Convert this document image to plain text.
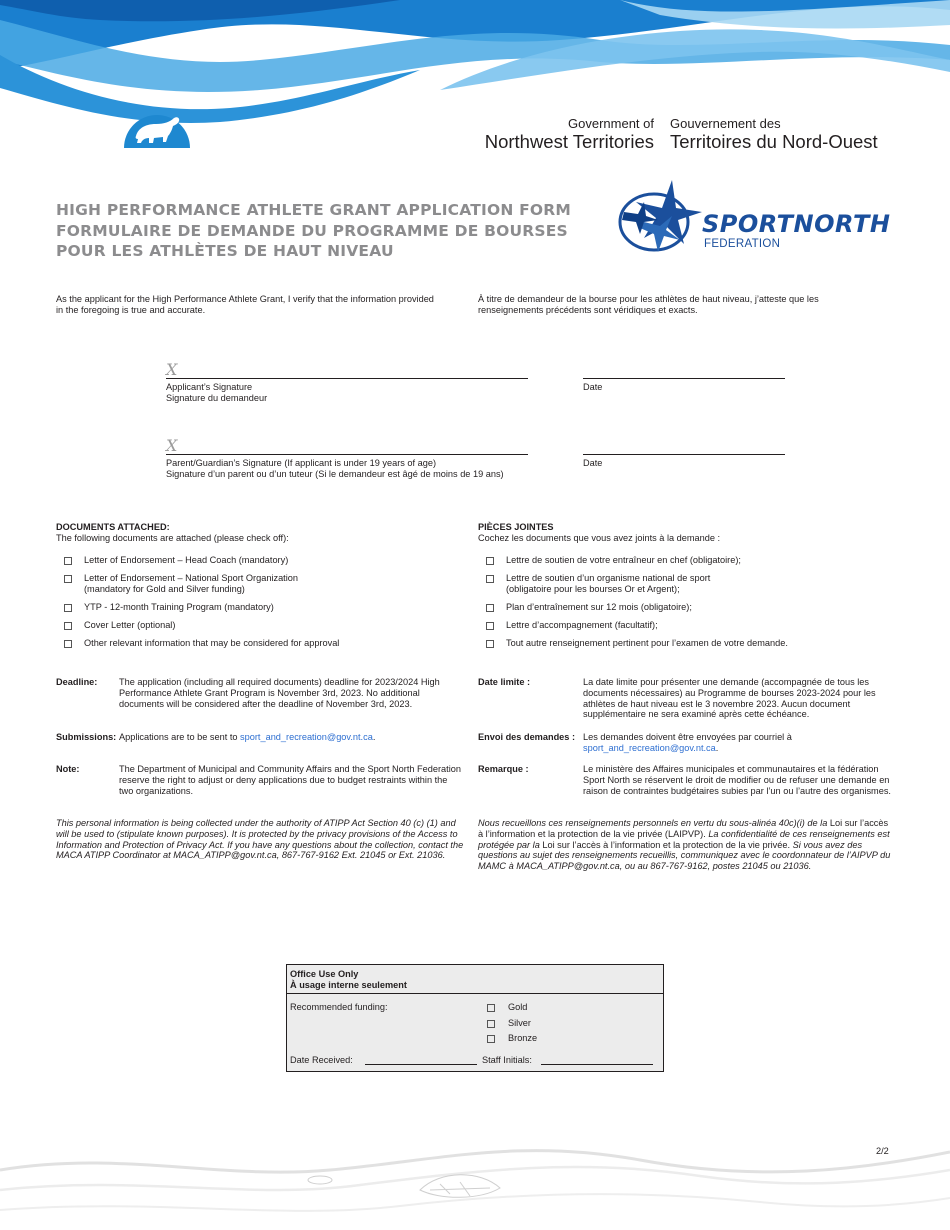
Government of
Northwest Territories
Gouvernement des
Territoires du Nord-Ouest
HIGH PERFORMANCE ATHLETE GRANT APPLICATION FORM
FORMULAIRE DE DEMANDE DU PROGRAMME DE BOURSES
POUR LES ATHLÈTES DE HAUT NIVEAU
SPORTNORTH
FEDERATION
As the applicant for the High Performance Athlete Grant, I verify that the information provided in the foregoing is true and accurate.
À titre de demandeur de la bourse pour les athlètes de haut niveau, j’atteste que les renseignements précédents sont véridiques et exacts.
X
Applicant’s Signature
Signature du demandeur
Date
X
Parent/Guardian’s Signature (If applicant is under 19 years of age)
Signature d’un parent ou d’un tuteur (Si le demandeur est âgé de moins de 19 ans)
Date
DOCUMENTS ATTACHED:
The following documents are attached (please check off):
Letter of Endorsement – Head Coach (mandatory)
Letter of Endorsement – National Sport Organization
(mandatory for Gold and Silver funding)
YTP - 12-month Training Program (mandatory)
Cover Letter (optional)
Other relevant information that may be considered for approval
PIÈCES JOINTES
Cochez les documents que vous avez joints à la demande :
Lettre de soutien de votre entraîneur en chef (obligatoire);
Lettre de soutien d’un organisme national de sport
(obligatoire pour les bourses Or et Argent);
Plan d’entraînement sur 12 mois (obligatoire);
Lettre d’accompagnement (facultatif);
Tout autre renseignement pertinent pour l’examen de votre demande.
Deadline: The application (including all required documents) deadline for 2023/2024 High Performance Athlete Grant Program is November 3rd, 2023. No additional documents will be considered after the deadline of November 3rd, 2023.
Submissions: Applications are to be sent to sport_and_recreation@gov.nt.ca.
Note:	The Department of Municipal and Community Affairs and the Sport North Federation reserve the right to adjust or deny applications due to budget restraints within the two organizations.
Date limite :	La date limite pour présenter une demande (accompagnée de tous les documents nécessaires) au Programme de bourses 2023-2024 pour les athlètes de haut niveau est le 3 novembre 2023. Aucun document supplémentaire ne sera examiné après cette échéance.
Envoi des demandes : Les demandes doivent être envoyées par courriel à sport_and_recreation@gov.nt.ca.
Remarque :	Le ministère des Affaires municipales et communautaires et la fédération Sport North se réservent le droit de modifier ou de refuser une demande en raison de contraintes budgétaires subies par l’un ou l’autre des organismes.
This personal information is being collected under the authority of ATIPP Act Section 40 (c) (1) and will be used to (stipulate known purposes). It is protected by the privacy provisions of the Access to Information and Protection of Privacy Act. If you have any questions about the collection, contact the MACA ATIPP Coordinator at MACA_ATIPP@gov.nt.ca, 867-767-9162 Ext. 21045 or Ext. 21036.
Nous recueillons ces renseignements personnels en vertu du sous-alinéa 40c)(i) de la Loi sur l’accès à l’information et la protection de la vie privée (LAIPVP). La confidentialité de ces renseignements est protégée par la Loi sur l’accès à l’information et la protection de la vie privée. Si vous avez des questions au sujet des renseignements recueillis, communiquez avec le coordonnateur de l’AIPVP du MAMC à MACA_ATIPP@gov.nt.ca, ou au 867-767-9162, postes 21045 ou 21036.
Office Use Only
À usage interne seulement
Recommended funding:	Gold
Silver
Bronze
Date Received:	Staff Initials:
2/2
